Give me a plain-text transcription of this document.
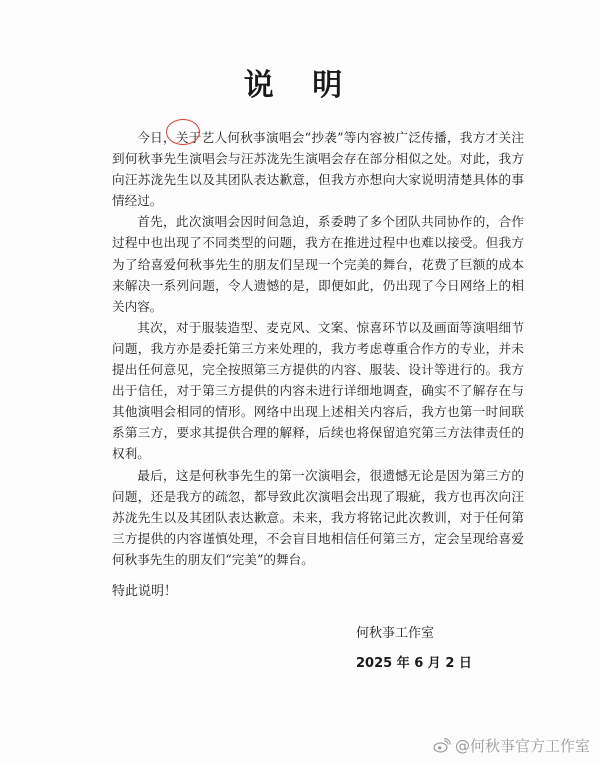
说 明

今日，关于艺人何秋亊演唱会“抄袭”等内容被广泛传播，我方才关注到何秋亊先生演唱会与汪苏泷先生演唱会存在部分相似之处。对此，我方向汪苏泷先生以及其团队表达歉意，但我方亦想向大家说明清楚具体的事情经过。

首先，此次演唱会因时间急迫，系委聘了多个团队共同协作的，合作过程中也出现了不同类型的问题，我方在推进过程中也难以接受。但我方为了给喜爱何秋亊先生的朋友们呈现一个完美的舞台，花费了巨额的成本来解决一系列问题，令人遗憾的是，即便如此，仍出现了今日网络上的相关内容。

其次，对于服装造型、麦克风、文案、惊喜环节以及画面等演唱细节问题，我方亦是委托第三方来处理的，我方考虑尊重合作方的专业，并未提出任何意见，完全按照第三方提供的内容、服装、设计等进行的。我方出于信任，对于第三方提供的内容未进行详细地调查，确实不了解存在与其他演唱会相同的情形。网络中出现上述相关内容后，我方也第一时间联系第三方，要求其提供合理的解释，后续也将保留追究第三方法律责任的权利。

最后，这是何秋亊先生的第一次演唱会，很遗憾无论是因为第三方的问题，还是我方的疏忽，都导致此次演唱会出现了瑕疵，我方也再次向汪苏泷先生以及其团队表达歉意。未来，我方将铭记此次教训，对于任何第三方提供的内容谨慎处理，不会盲目地相信任何第三方，定会呈现给喜爱何秋亊先生的朋友们“完美”的舞台。

特此说明！
何秋亊工作室
2025 年 6 月 2 日
@何秋亊官方工作室
